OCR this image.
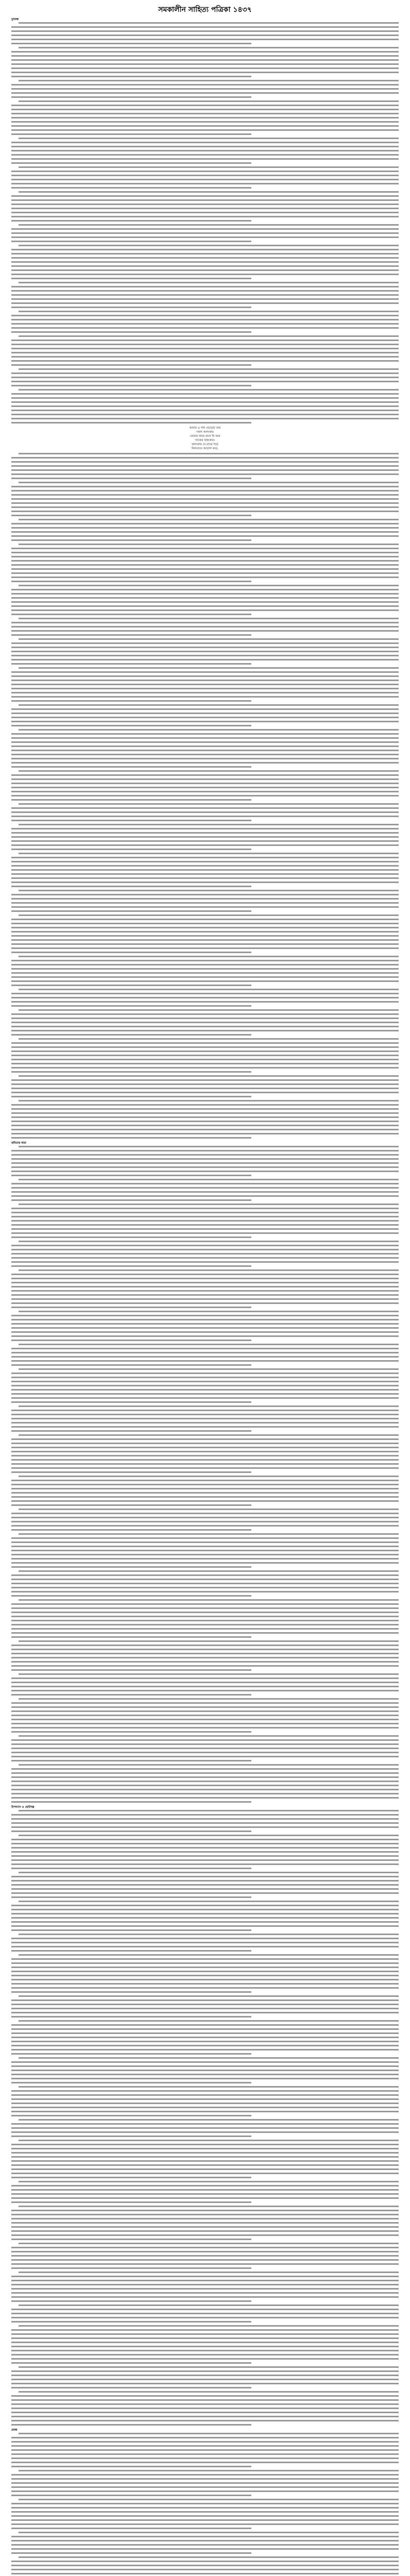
সমকালীন সাহিত্য পত্রিকা ১৪৩৭
মুখবন্ধ
আমার এ গান ছেড়েছে তার
সকল অলংকার
তোমার কাছে রাখে নি আর
সাজের অহংকার।
অলংকার যে মাঝে পড়ে
মিলনেতে আড়াল করে,
কবিতার ধারা
উপন্যাস ও ছোটগল্প
প্রবন্ধ
